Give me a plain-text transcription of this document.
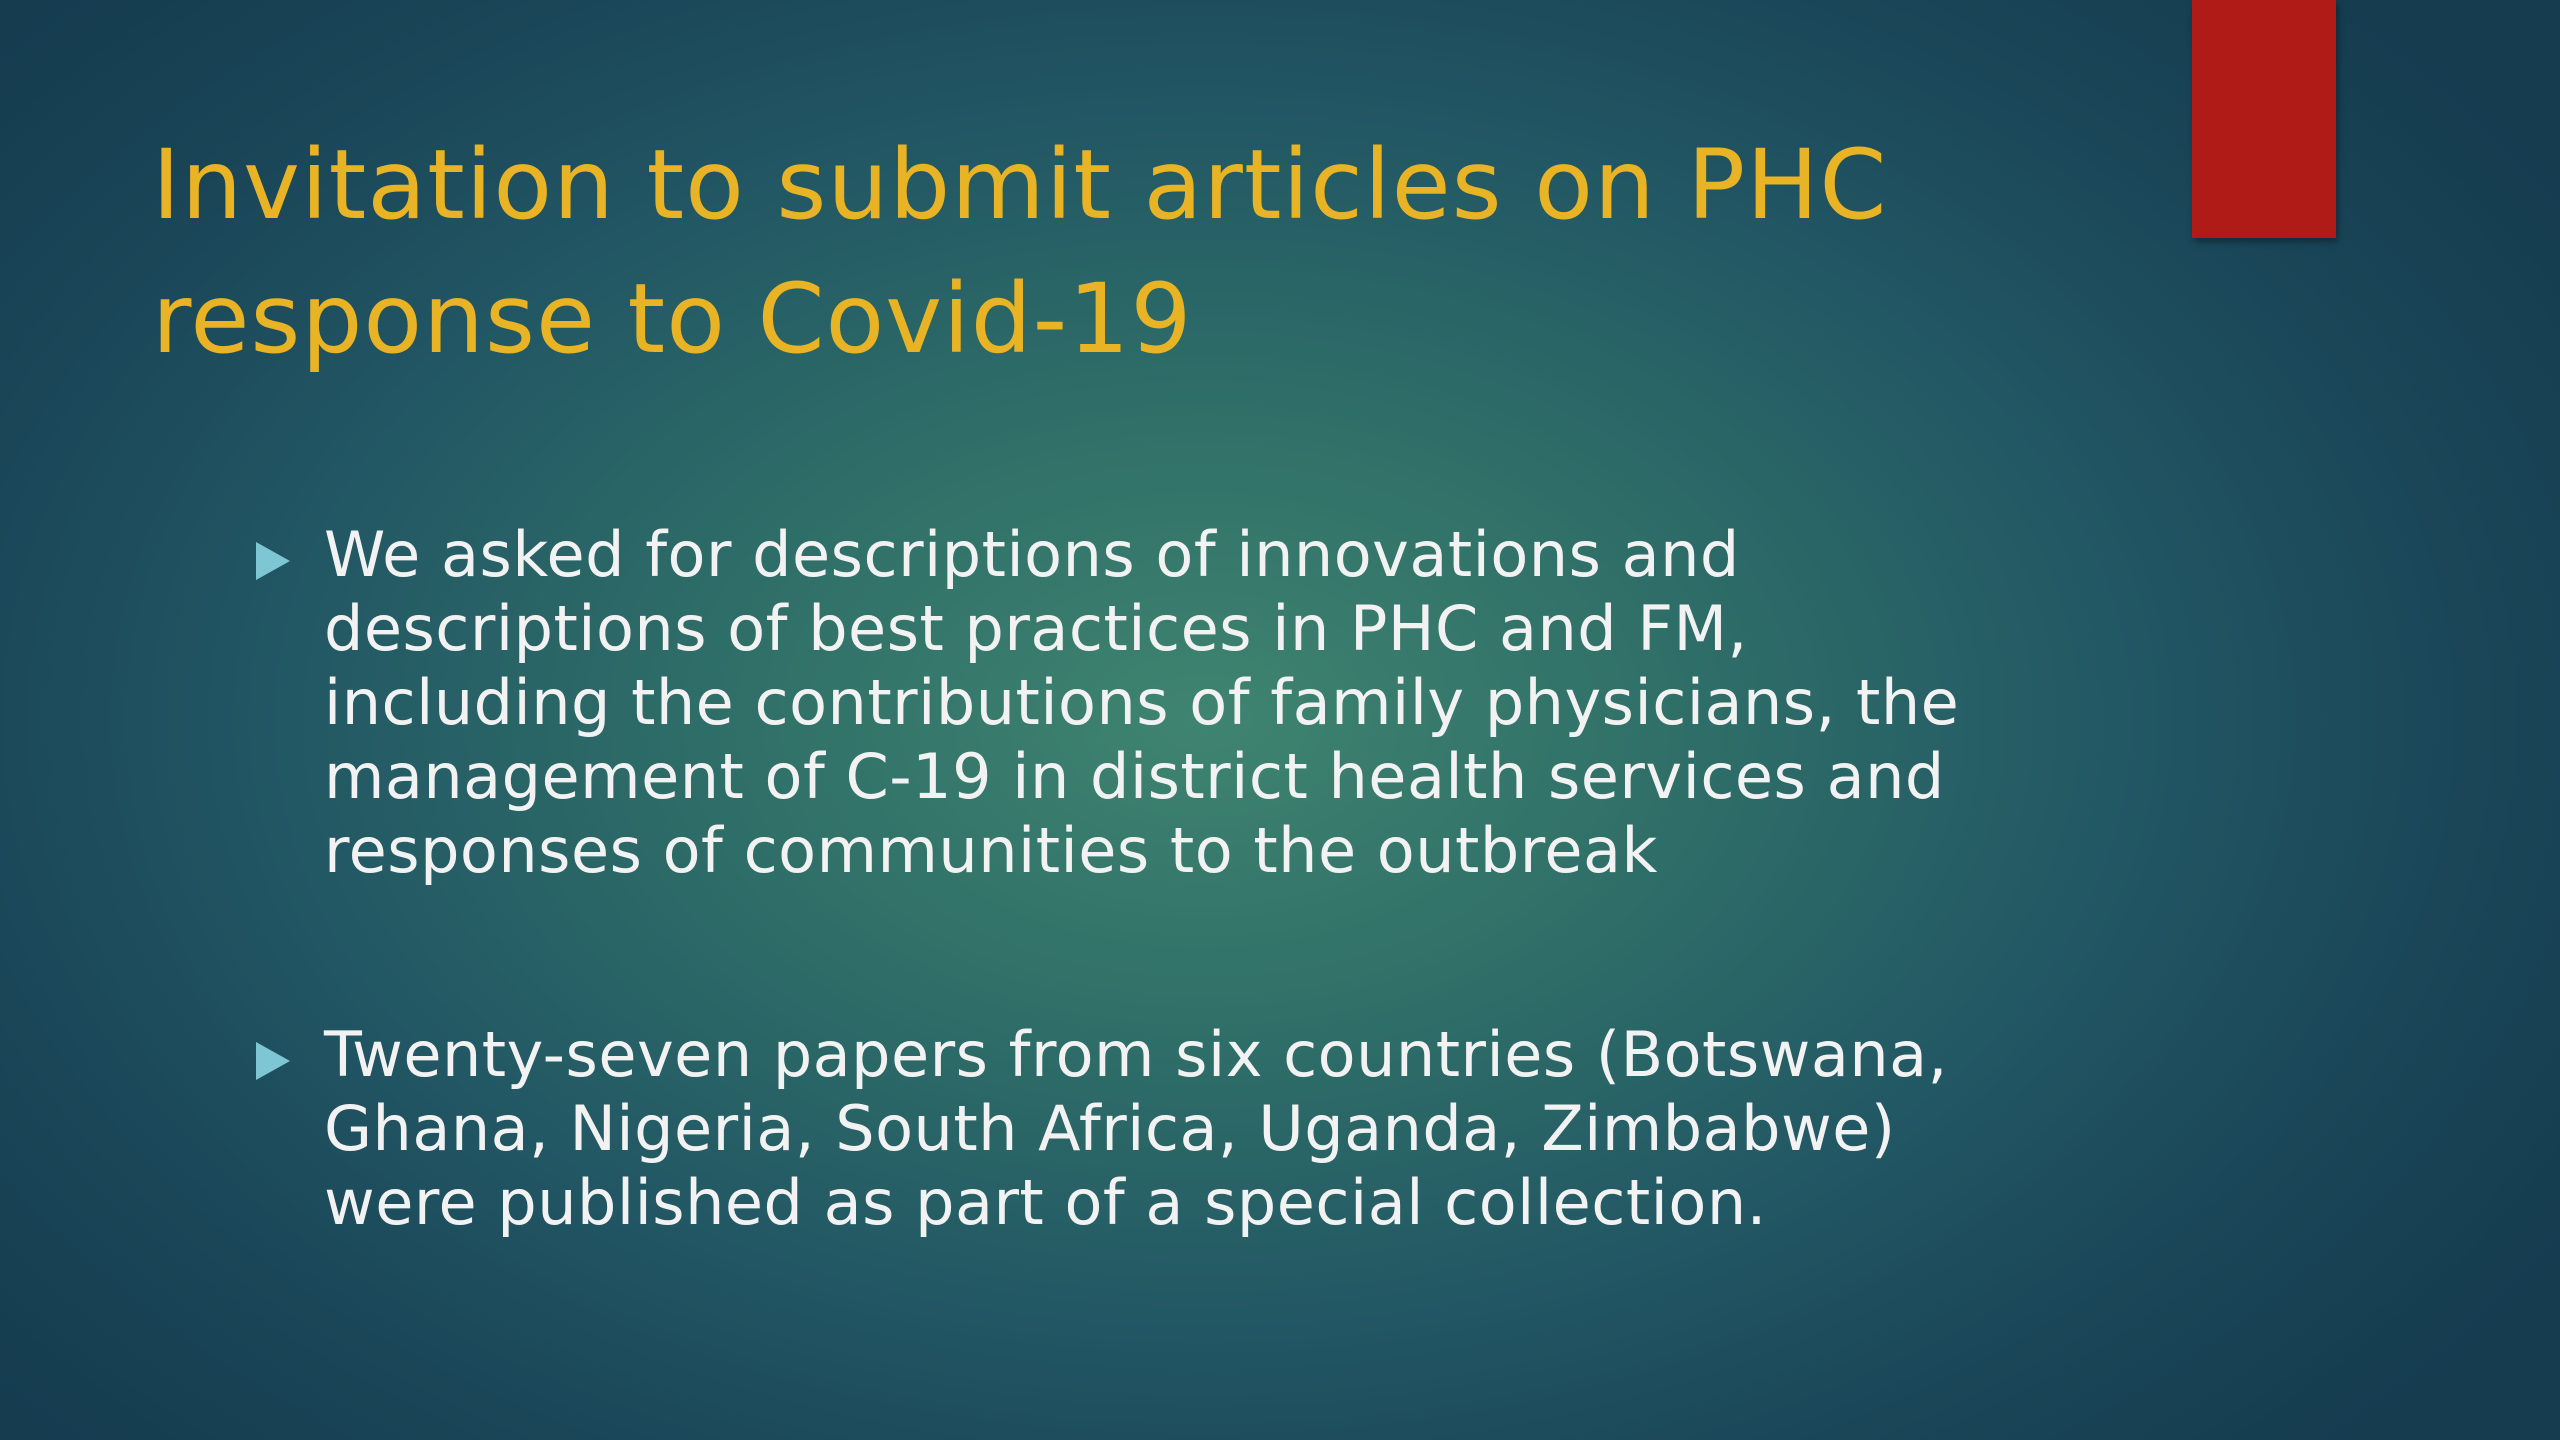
Invitation to submit articles on PHC
response to Covid-19
We asked for descriptions of innovations and
descriptions of best practices in PHC and FM,
including the contributions of family physicians, the
management of C-19 in district health services and
responses of communities to the outbreak
Twenty-seven papers from six countries (Botswana,
Ghana, Nigeria, South Africa, Uganda, Zimbabwe)
were published as part of a special collection.
